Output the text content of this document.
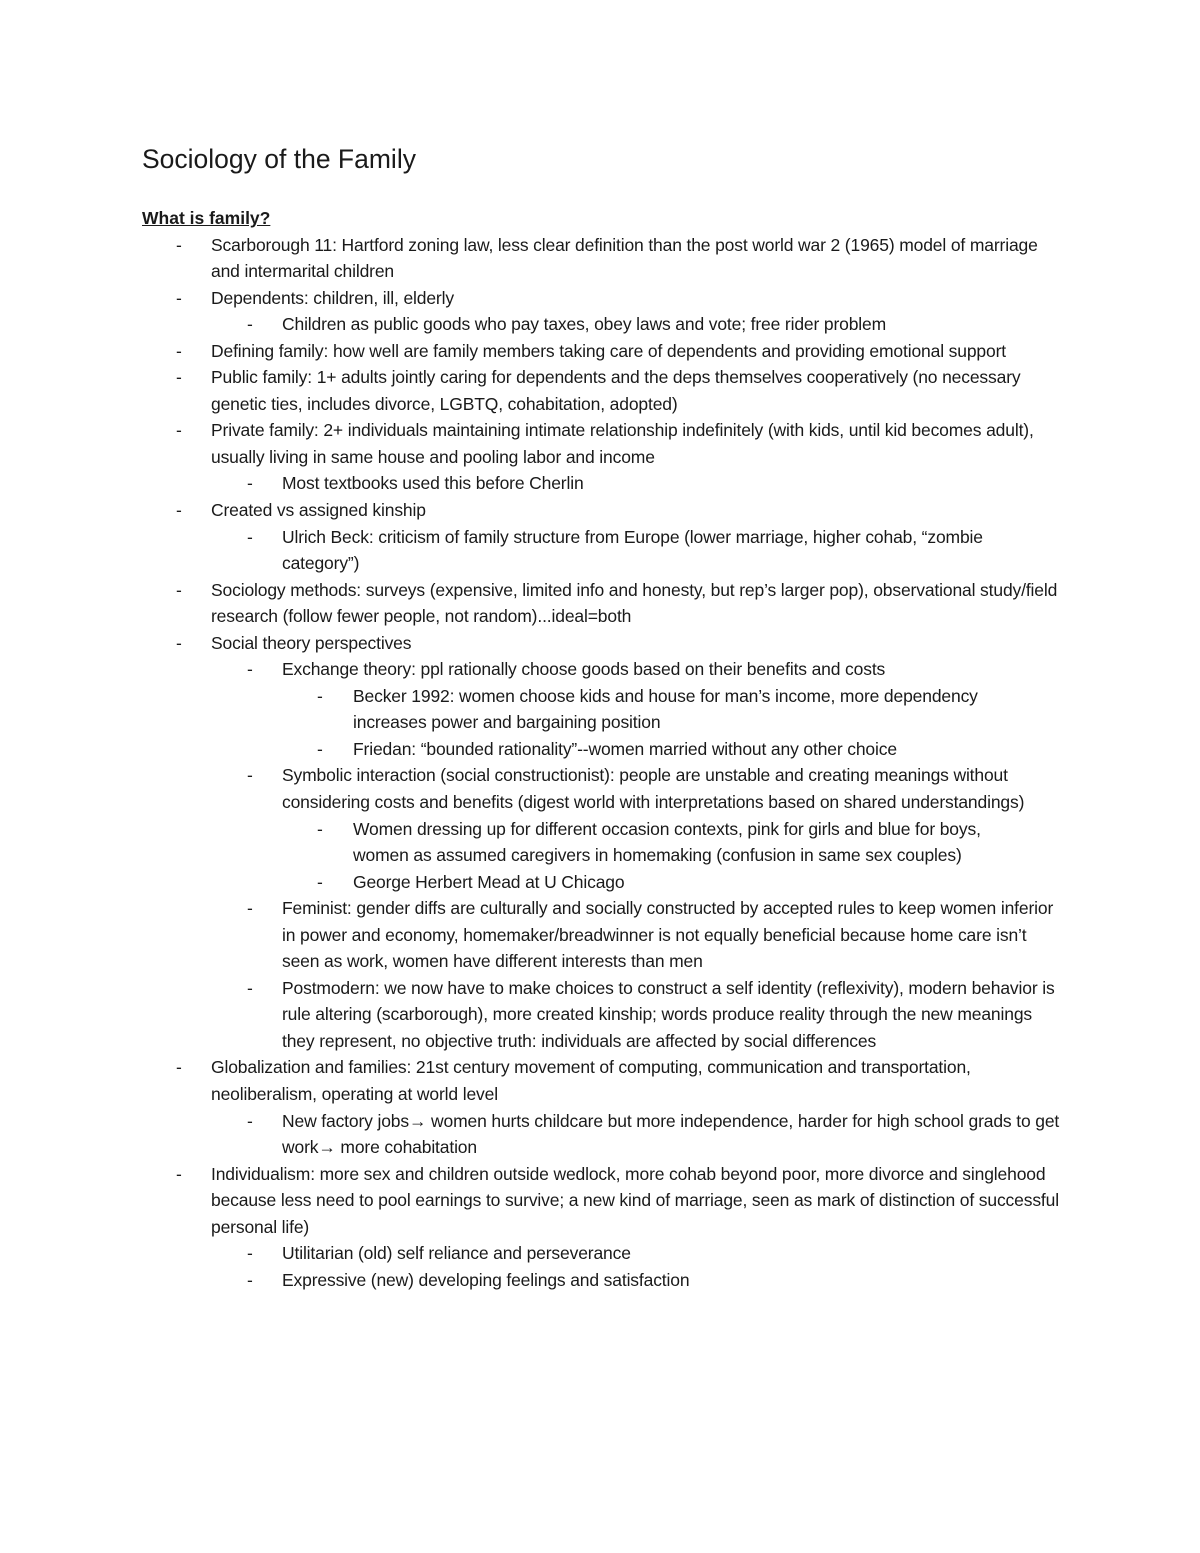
Sociology of the Family
What is family?
- Scarborough 11: Hartford zoning law, less clear definition than the post world war 2 (1965) model of marriage and intermarital children
- Dependents: children, ill, elderly
- Children as public goods who pay taxes, obey laws and vote; free rider problem
- Defining family: how well are family members taking care of dependents and providing emotional support
- Public family: 1+ adults jointly caring for dependents and the deps themselves cooperatively (no necessary genetic ties, includes divorce, LGBTQ, cohabitation, adopted)
- Private family: 2+ individuals maintaining intimate relationship indefinitely (with kids, until kid becomes adult), usually living in same house and pooling labor and income
- Most textbooks used this before Cherlin
- Created vs assigned kinship
- Ulrich Beck: criticism of family structure from Europe (lower marriage, higher cohab, “zombie category”)
- Sociology methods: surveys (expensive, limited info and honesty, but rep’s larger pop), observational study/field research (follow fewer people, not random)...ideal=both
- Social theory perspectives
- Exchange theory: ppl rationally choose goods based on their benefits and costs
- Becker 1992: women choose kids and house for man’s income, more dependency increases power and bargaining position
- Friedan: “bounded rationality”--women married without any other choice
- Symbolic interaction (social constructionist): people are unstable and creating meanings without considering costs and benefits (digest world with interpretations based on shared understandings)
- Women dressing up for different occasion contexts, pink for girls and blue for boys, women as assumed caregivers in homemaking (confusion in same sex couples)
- George Herbert Mead at U Chicago
- Feminist: gender diffs are culturally and socially constructed by accepted rules to keep women inferior in power and economy, homemaker/breadwinner is not equally beneficial because home care isn’t seen as work, women have different interests than men
- Postmodern: we now have to make choices to construct a self identity (reflexivity), modern behavior is rule altering (scarborough), more created kinship; words produce reality through the new meanings they represent, no objective truth: individuals are affected by social differences
- Globalization and families: 21st century movement of computing, communication and transportation, neoliberalism, operating at world level
- New factory jobs→ women hurts childcare but more independence, harder for high school grads to get work→ more cohabitation
- Individualism: more sex and children outside wedlock, more cohab beyond poor, more divorce and singlehood because less need to pool earnings to survive; a new kind of marriage, seen as mark of distinction of successful personal life)
- Utilitarian (old) self reliance and perseverance
- Expressive (new) developing feelings and satisfaction
